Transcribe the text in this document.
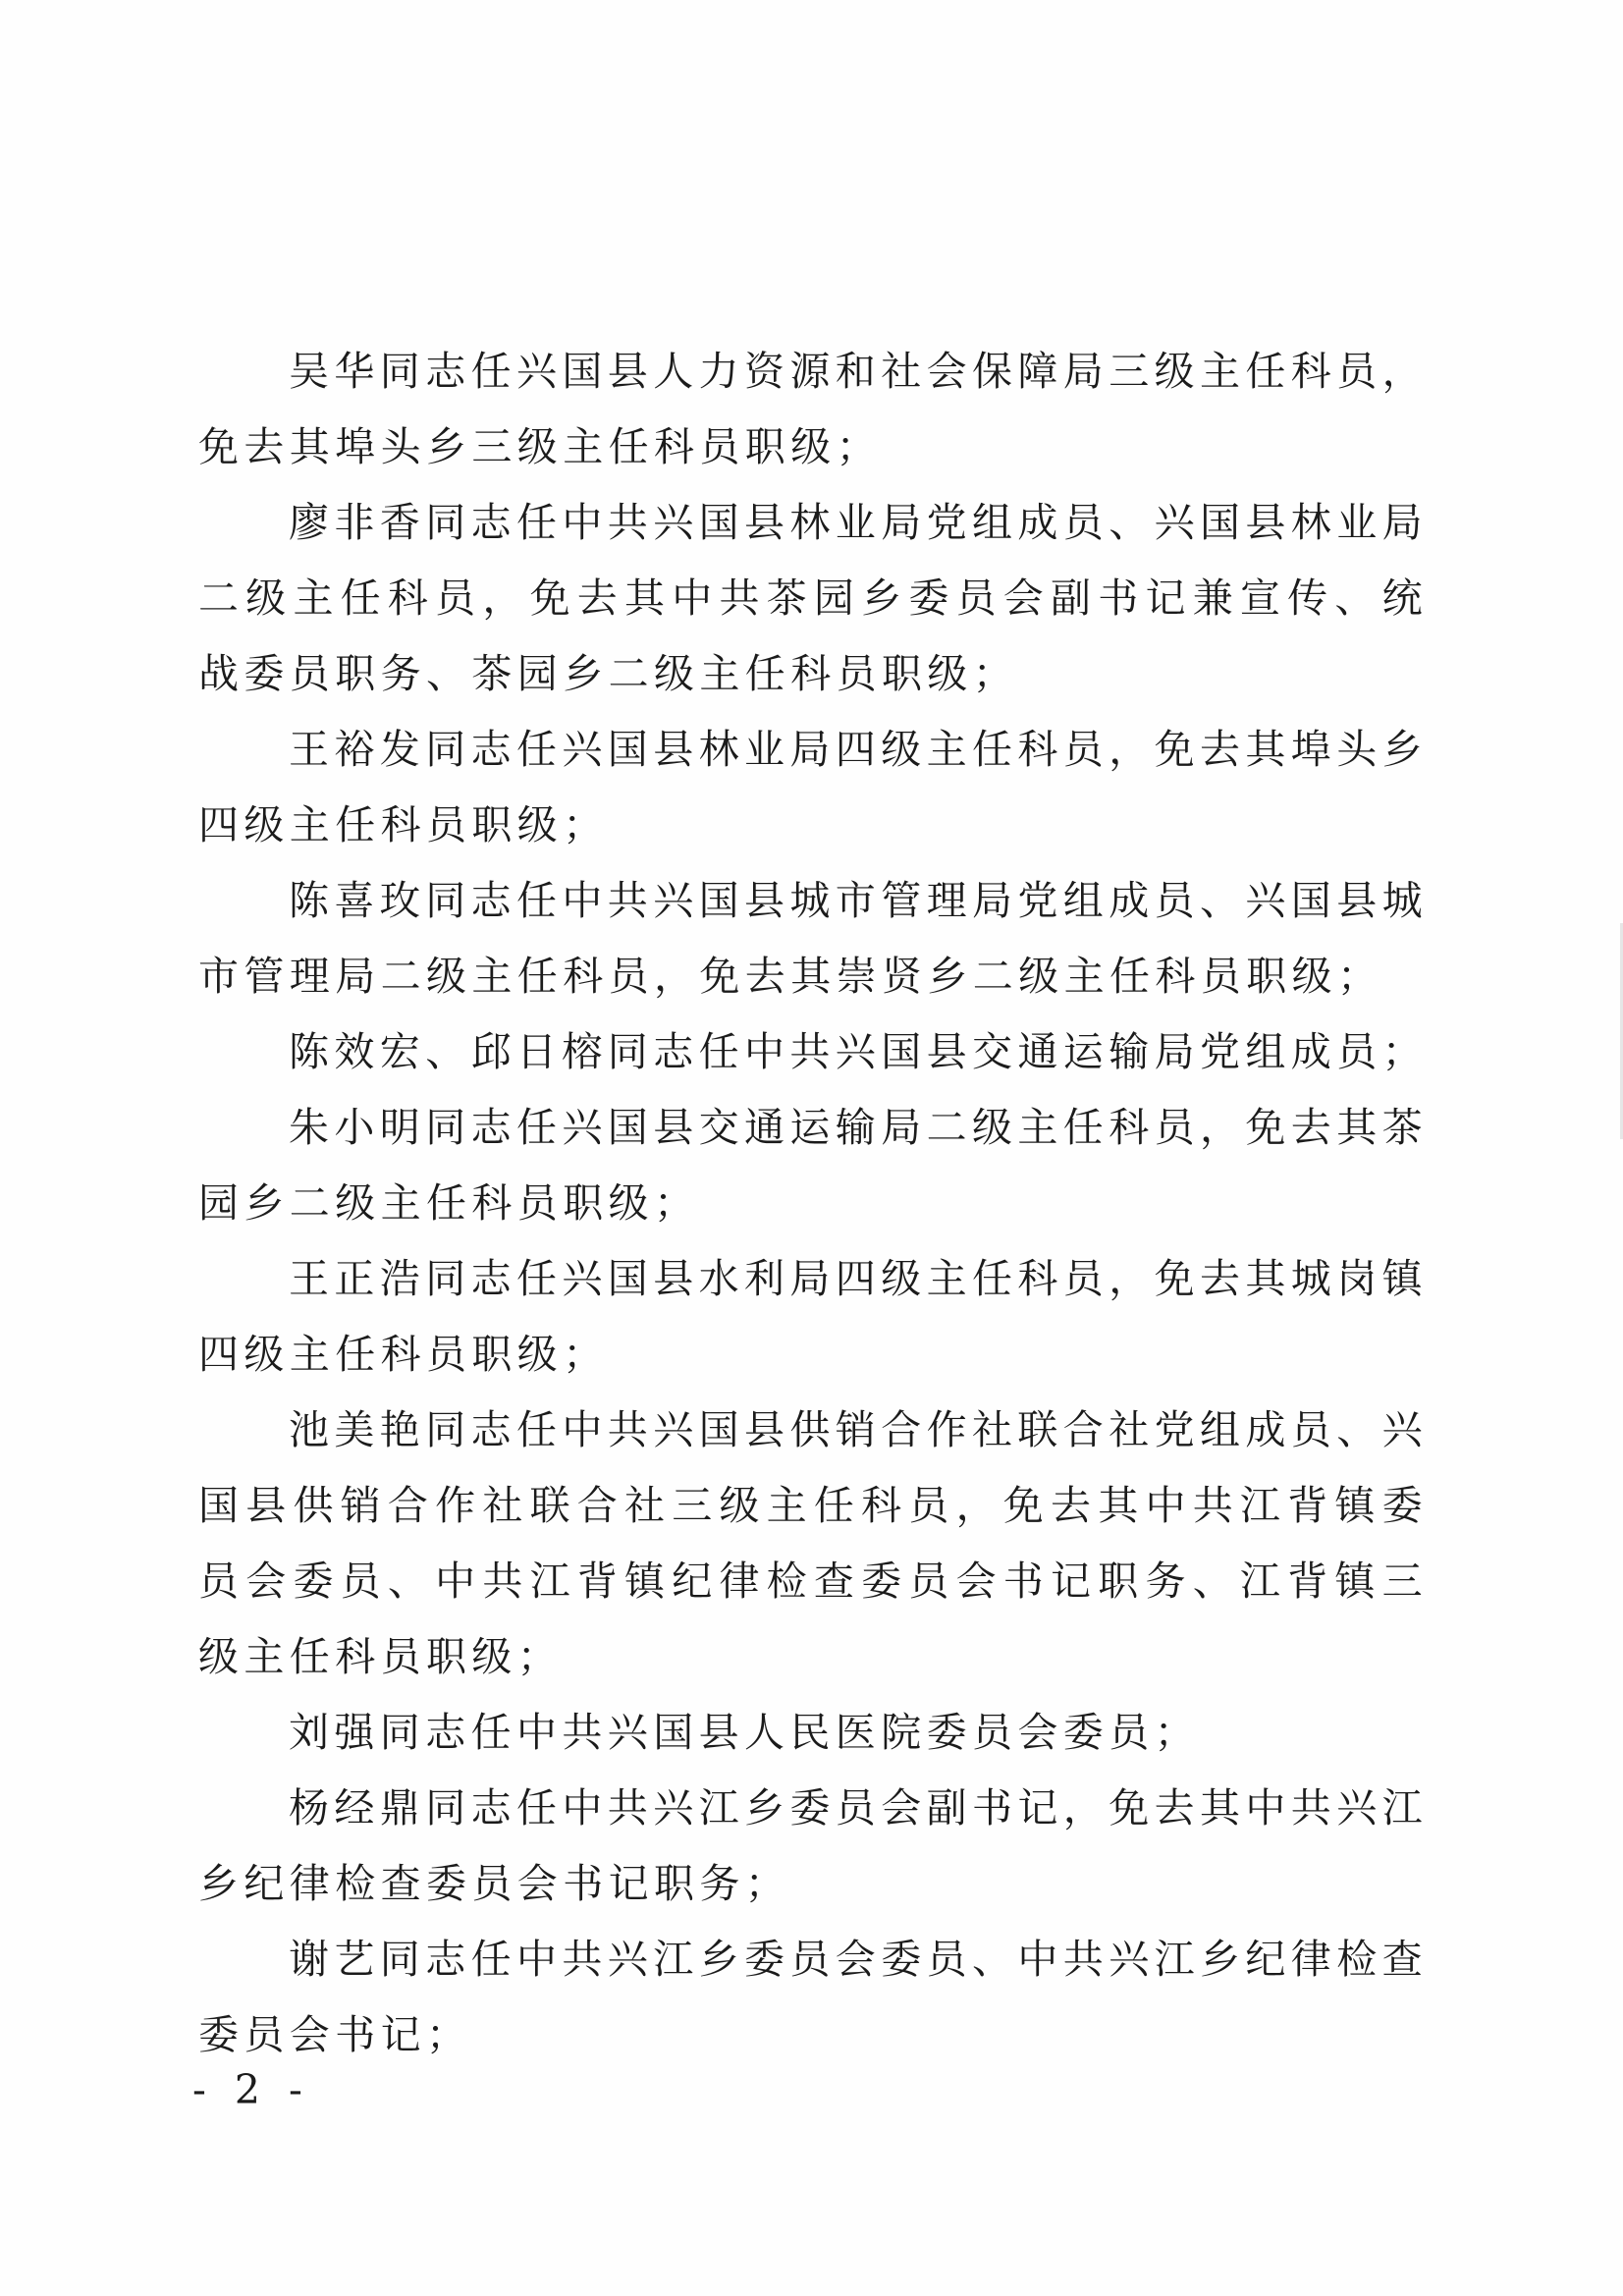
吴华同志任兴国县人力资源和社会保障局三级主任科员，免去其埠头乡三级主任科员职级；

廖非香同志任中共兴国县林业局党组成员、兴国县林业局二级主任科员，免去其中共茶园乡委员会副书记兼宣传、统战委员职务、茶园乡二级主任科员职级；

王裕发同志任兴国县林业局四级主任科员，免去其埠头乡四级主任科员职级；

陈喜玫同志任中共兴国县城市管理局党组成员、兴国县城市管理局二级主任科员，免去其崇贤乡二级主任科员职级；

陈效宏、邱日榕同志任中共兴国县交通运输局党组成员；

朱小明同志任兴国县交通运输局二级主任科员，免去其茶园乡二级主任科员职级；

王正浩同志任兴国县水利局四级主任科员，免去其城岗镇四级主任科员职级；

池美艳同志任中共兴国县供销合作社联合社党组成员、兴国县供销合作社联合社三级主任科员，免去其中共江背镇委员会委员、中共江背镇纪律检查委员会书记职务、江背镇三级主任科员职级；

刘强同志任中共兴国县人民医院委员会委员；

杨经鼎同志任中共兴江乡委员会副书记，免去其中共兴江乡纪律检查委员会书记职务；

谢艺同志任中共兴江乡委员会委员、中共兴江乡纪律检查委员会书记；

- 2 -
